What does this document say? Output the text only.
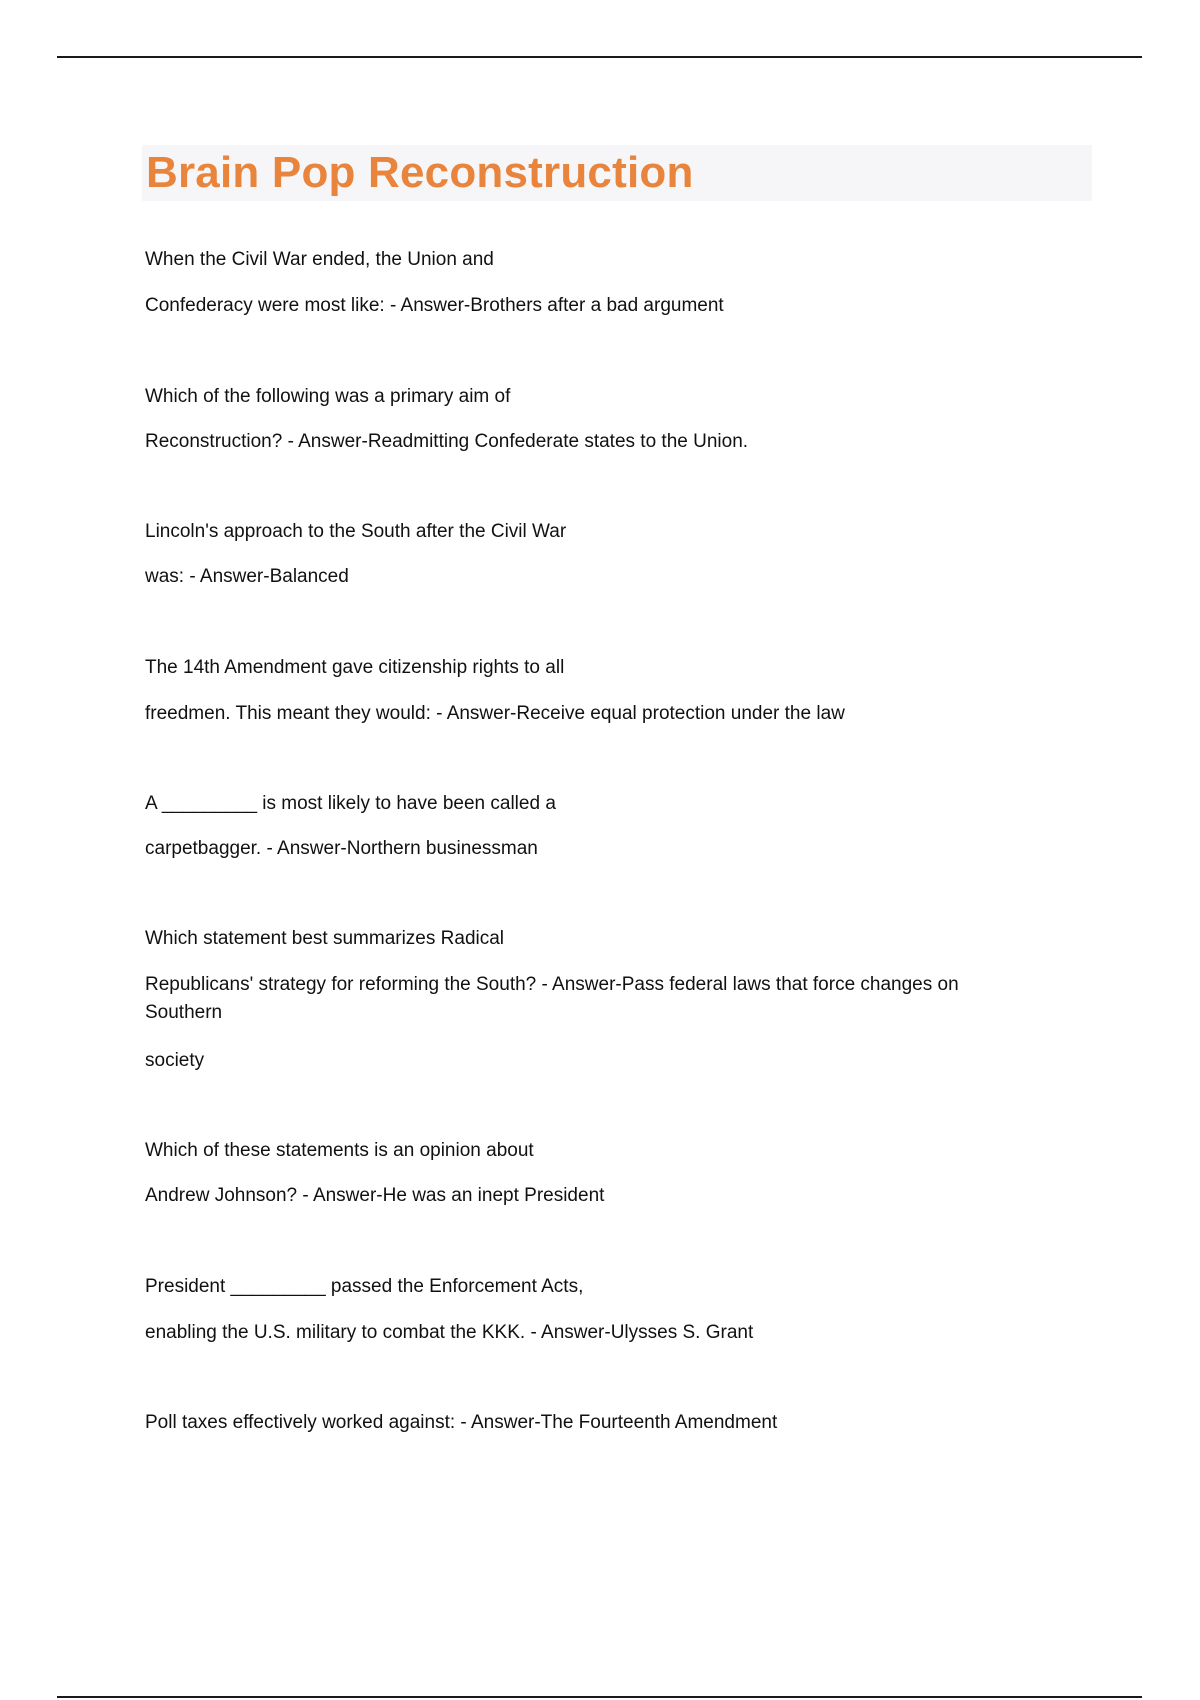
Brain Pop Reconstruction

When the Civil War ended, the Union and

Confederacy were most like: - Answer-Brothers after a bad argument

Which of the following was a primary aim of

Reconstruction? - Answer-Readmitting Confederate states to the Union.

Lincoln's approach to the South after the Civil War

was: - Answer-Balanced

The 14th Amendment gave citizenship rights to all

freedmen. This meant they would: - Answer-Receive equal protection under the law

A _________ is most likely to have been called a

carpetbagger. - Answer-Northern businessman

Which statement best summarizes Radical

Republicans' strategy for reforming the South? - Answer-Pass federal laws that force changes on Southern

society

Which of these statements is an opinion about

Andrew Johnson? - Answer-He was an inept President

President _________ passed the Enforcement Acts,

enabling the U.S. military to combat the KKK. - Answer-Ulysses S. Grant

Poll taxes effectively worked against: - Answer-The Fourteenth Amendment
